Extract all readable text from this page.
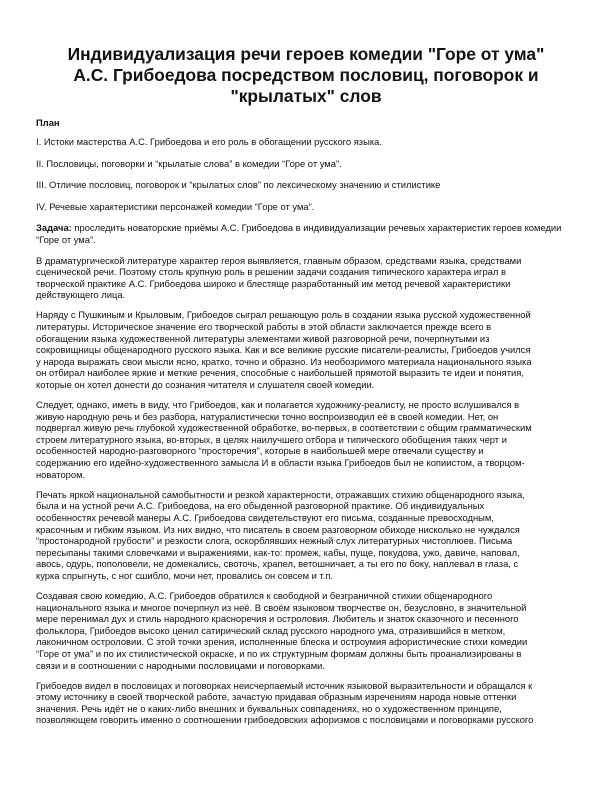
Индивидуализация речи героев комедии "Горе от ума"
А.С. Грибоедова посредством пословиц, поговорок и
"крылатых" слов
План

I. Истоки мастерства А.С. Грибоедова и его роль в обогащении русского языка.

II. Пословицы, поговорки и “крылатые слова” в комедии “Горе от ума”.

III. Отличие пословиц, поговорок и “крылатых слов” по лексическому значению и стилистике

IV. Речевые характеристики персонажей комедии “Горе от ума”.

Задача: проследить новаторские приёмы А.С. Грибоедова в индивидуализации речевых характеристик героев комедии “Горе от ума”.

В драматургической литературе характер героя выявляется, главным образом, средствами языка, средствами
сценической речи. Поэтому столь крупную роль в решении задачи создания типического характера играл в
творческой практике А.С. Грибоедова широко и блестяще разработанный им метод речевой характеристики
действующего лица.

Наряду с Пушкиным и Крыловым, Грибоедов сыграл решающую роль в создании языка русской художественной
литературы. Историческое значение его творческой работы в этой области заключается прежде всего в
обогащении языка художественной литературы элементами живой разговорной речи, почерпнутыми из
сокровищницы общенародного русского языка. Как и все великие русские писатели-реалисты, Грибоедов учился
у народа выражать свои мысли ясно, кратко, точно и образно. Из необозримого материала национального языка
он отбирал наиболее яркие и меткие речения, способные с наибольшей прямотой выразить те идеи и понятия,
которые он хотел донести до сознания читателя и слушателя своей комедии.

Следует, однако, иметь в виду, что Грибоедов, как и полагается художнику-реалисту, не просто вслушивался в
живую народную речь и без разбора, натуралистически точно воспроизводил её в своей комедии. Нет, он
подвергал живую речь глубокой художественной обработке, во-первых, в соответствии с общим грамматическим
строем литературного языка, во-вторых, в целях наилучшего отбора и типического обобщения таких черт и
особенностей народно-разговорного “просторечия”, которые в наибольшей мере отвечали существу и
содержанию его идейно-художественного замысла И в области языка Грибоедов был не копиистом, а творцом-
новатором.

Печать яркой национальной самобытности и резкой характерности, отражавших стихию общенародного языка,
была и на устной речи А.С. Грибоедова, на его обыденной разговорной практике. Об индивидуальных
особенностях речевой манеры А.С. Грибоедова свидетельствуют его письма, созданные превосходным,
красочным и гибким языком. Из них видно, что писатель в своем разговорном обиходе нисколько не чуждался
“простонародной грубости” и резкости слога, оскорблявших нежный слух литературных чистоплюев. Письма
пересыпаны такими словечками и выражениями, как-то: промеж, кабы, пуще, покудова, ужо, давиче, наповал,
авось, одурь, пополовели, не домекались, своточь, храпел, ветошничает, а ты его по боку, наплевал в глаза, с
курка спрыгнуть, с ног сшибло, мочи нет, провались он совсем и т.п.

Создавая свою комедию, А.С. Грибоедов обратился к свободной и безграничной стихии общенародного
национального языка и многое почерпнул из неё. В своём языковом творчестве он, безусловно, в значительной
мере перенимал дух и стиль народного красноречия и остроловия. Любитель и знаток сказочного и песенного
фольклора, Грибоедов высоко ценил сатирический склад русского народного ума, отразившийся в метком,
лаконичном остроловии. С этой точки зрения, исполненные блеска и остроумия афористические стихи комедии
“Горе от ума” и по их стилистической окраске, и по их структурным формам должны быть проанализированы в
связи и в соотношении с народными пословицами и поговорками.

Грибоедов видел в пословицах и поговорках неисчерпаемый источник языковой выразительности и обращался к
этому источнику в своей творческой работе, зачастую придавая образным изречениям народа новые оттенки
значения. Речь идёт не о каких-либо внешних и буквальных совпадениях, но о художественном принципе,
позволяющем говорить именно о соотношении грибоедовских афоризмов с пословицами и поговорками русского
